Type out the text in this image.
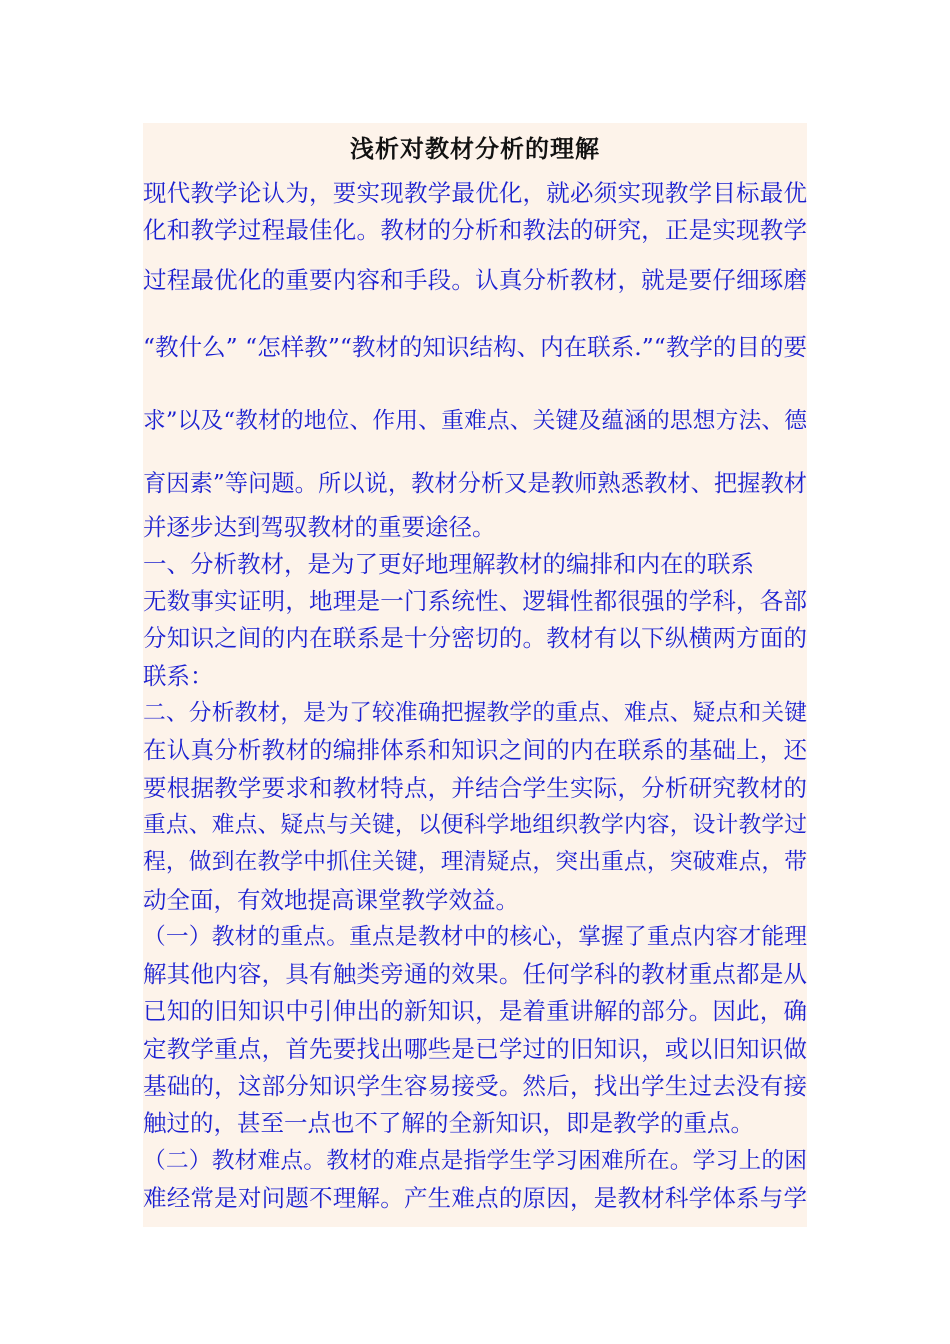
浅析对教材分析的理解

现代教学论认为，要实现教学最优化，就必须实现教学目标最优

化和教学过程最佳化。教材的分析和教法的研究，正是实现教学

过程最优化的重要内容和手段。认真分析教材，就是要仔细琢磨

“教什么” “怎样教”“教材的知识结构、内在联系.”“教学的目的要

求”以及“教材的地位、作用、重难点、关键及蕴涵的思想方法、德

育因素”等问题。所以说，教材分析又是教师熟悉教材、把握教材

并逐步达到驾驭教材的重要途径。

一、分析教材，是为了更好地理解教材的编排和内在的联系

无数事实证明，地理是一门系统性、逻辑性都很强的学科，各部

分知识之间的内在联系是十分密切的。教材有以下纵横两方面的

联系：

二、分析教材，是为了较准确把握教学的重点、难点、疑点和关键

在认真分析教材的编排体系和知识之间的内在联系的基础上，还

要根据教学要求和教材特点，并结合学生实际，分析研究教材的

重点、难点、疑点与关键，以便科学地组织教学内容，设计教学过

程，做到在教学中抓住关键，理清疑点，突出重点，突破难点，带

动全面，有效地提高课堂教学效益。

（一）教材的重点。重点是教材中的核心，掌握了重点内容才能理

解其他内容，具有触类旁通的效果。任何学科的教材重点都是从

已知的旧知识中引伸出的新知识，是着重讲解的部分。因此，确

定教学重点，首先要找出哪些是已学过的旧知识，或以旧知识做

基础的，这部分知识学生容易接受。然后，找出学生过去没有接

触过的，甚至一点也不了解的全新知识，即是教学的重点。

（二）教材难点。教材的难点是指学生学习困难所在。学习上的困

难经常是对问题不理解。产生难点的原因，是教材科学体系与学
